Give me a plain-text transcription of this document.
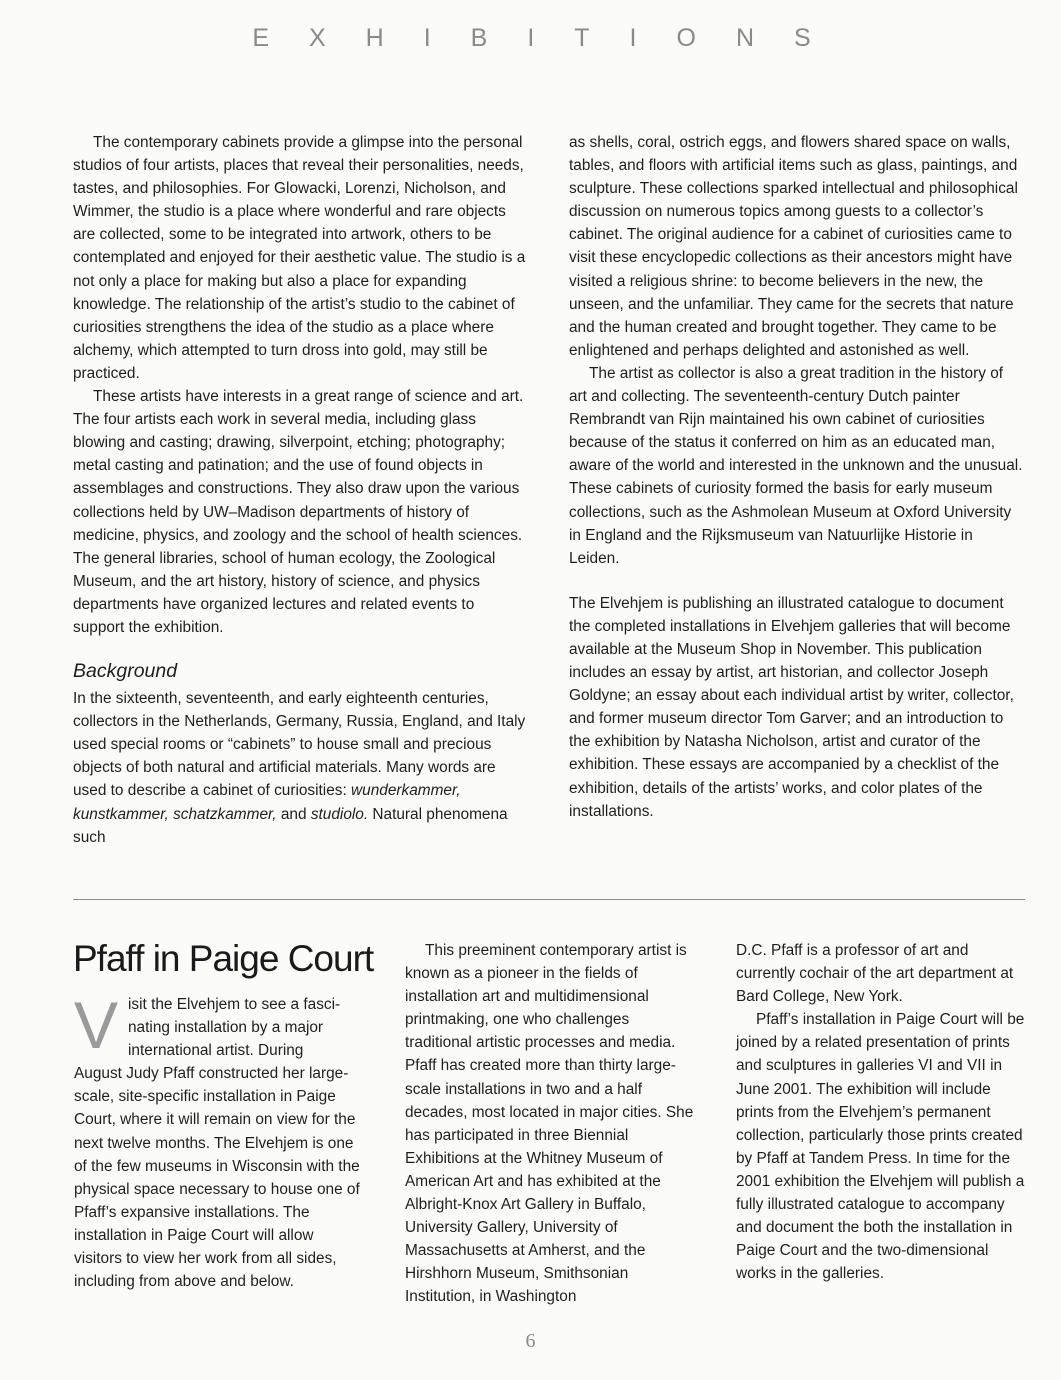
EXHIBITIONS

The contemporary cabinets provide a glimpse into the personal studios of four artists, places that reveal their personalities, needs, tastes, and philosophies. For Glowacki, Lorenzi, Nicholson, and Wimmer, the studio is a place where wonderful and rare objects are collected, some to be integrated into artwork, others to be contemplated and enjoyed for their aesthetic value. The studio is a not only a place for making but also a place for expanding knowledge. The relationship of the artist’s studio to the cabinet of curiosities strengthens the idea of the studio as a place where alchemy, which attempted to turn dross into gold, may still be practiced.

These artists have interests in a great range of science and art. The four artists each work in several media, including glass blowing and casting; drawing, silverpoint, etching; photography; metal casting and patination; and the use of found objects in assemblages and constructions. They also draw upon the various collections held by UW–Madison departments of history of medicine, physics, and zoology and the school of health sciences. The general libraries, school of human ecology, the Zoological Museum, and the art history, history of science, and physics departments have organized lectures and related events to support the exhibition.

Background

In the sixteenth, seventeenth, and early eighteenth centuries, collectors in the Netherlands, Germany, Russia, England, and Italy used special rooms or “cabinets” to house small and precious objects of both natural and artificial materials. Many words are used to describe a cabinet of curiosities: wunderkammer, kunstkammer, schatzkammer, and studiolo. Natural phenomena such

as shells, coral, ostrich eggs, and flowers shared space on walls, tables, and floors with artificial items such as glass, paintings, and sculpture. These collections sparked intellectual and philosophical discussion on numerous topics among guests to a collector’s cabinet. The original audience for a cabinet of curiosities came to visit these encyclopedic collections as their ancestors might have visited a religious shrine: to become believers in the new, the unseen, and the unfamiliar. They came for the secrets that nature and the human created and brought together. They came to be enlightened and perhaps delighted and astonished as well.

The artist as collector is also a great tradition in the history of art and collecting. The seventeenth-century Dutch painter Rembrandt van Rijn maintained his own cabinet of curiosities because of the status it conferred on him as an educated man, aware of the world and interested in the unknown and the unusual. These cabinets of curiosity formed the basis for early museum collections, such as the Ashmolean Museum at Oxford University in England and the Rijksmuseum van Natuurlijke Historie in Leiden.

The Elvehjem is publishing an illustrated catalogue to document the completed installations in Elvehjem galleries that will become available at the Museum Shop in November. This publication includes an essay by artist, art historian, and collector Joseph Goldyne; an essay about each individual artist by writer, collector, and former museum director Tom Garver; and an introduction to the exhibition by Natasha Nicholson, artist and curator of the exhibition. These essays are accompanied by a checklist of the exhibition, details of the artists’ works, and color plates of the installations.

Pfaff in Paige Court
V isit the Elvehjem to see a fasci-
nating installation by a major
international artist. During

August Judy Pfaff constructed her large-scale, site-specific installation in Paige Court, where it will remain on view for the next twelve months. The Elvehjem is one of the few museums in Wisconsin with the physical space necessary to house one of Pfaff’s expansive installations. The installation in Paige Court will allow visitors to view her work from all sides, including from above and below.

This preeminent contemporary artist is known as a pioneer in the fields of installation art and multidimensional printmaking, one who challenges traditional artistic processes and media. Pfaff has created more than thirty large-scale installations in two and a half decades, most located in major cities. She has participated in three Biennial Exhibitions at the Whitney Museum of American Art and has exhibited at the Albright-Knox Art Gallery in Buffalo, University Gallery, University of Massachusetts at Amherst, and the Hirshhorn Museum, Smithsonian Institution, in Washington

D.C. Pfaff is a professor of art and currently cochair of the art department at Bard College, New York.

Pfaff’s installation in Paige Court will be joined by a related presentation of prints and sculptures in galleries VI and VII in June 2001. The exhibition will include prints from the Elvehjem’s permanent collection, particularly those prints created by Pfaff at Tandem Press. In time for the 2001 exhibition the Elvehjem will publish a fully illustrated catalogue to accompany and document the both the installation in Paige Court and the two-dimensional works in the galleries.

6
